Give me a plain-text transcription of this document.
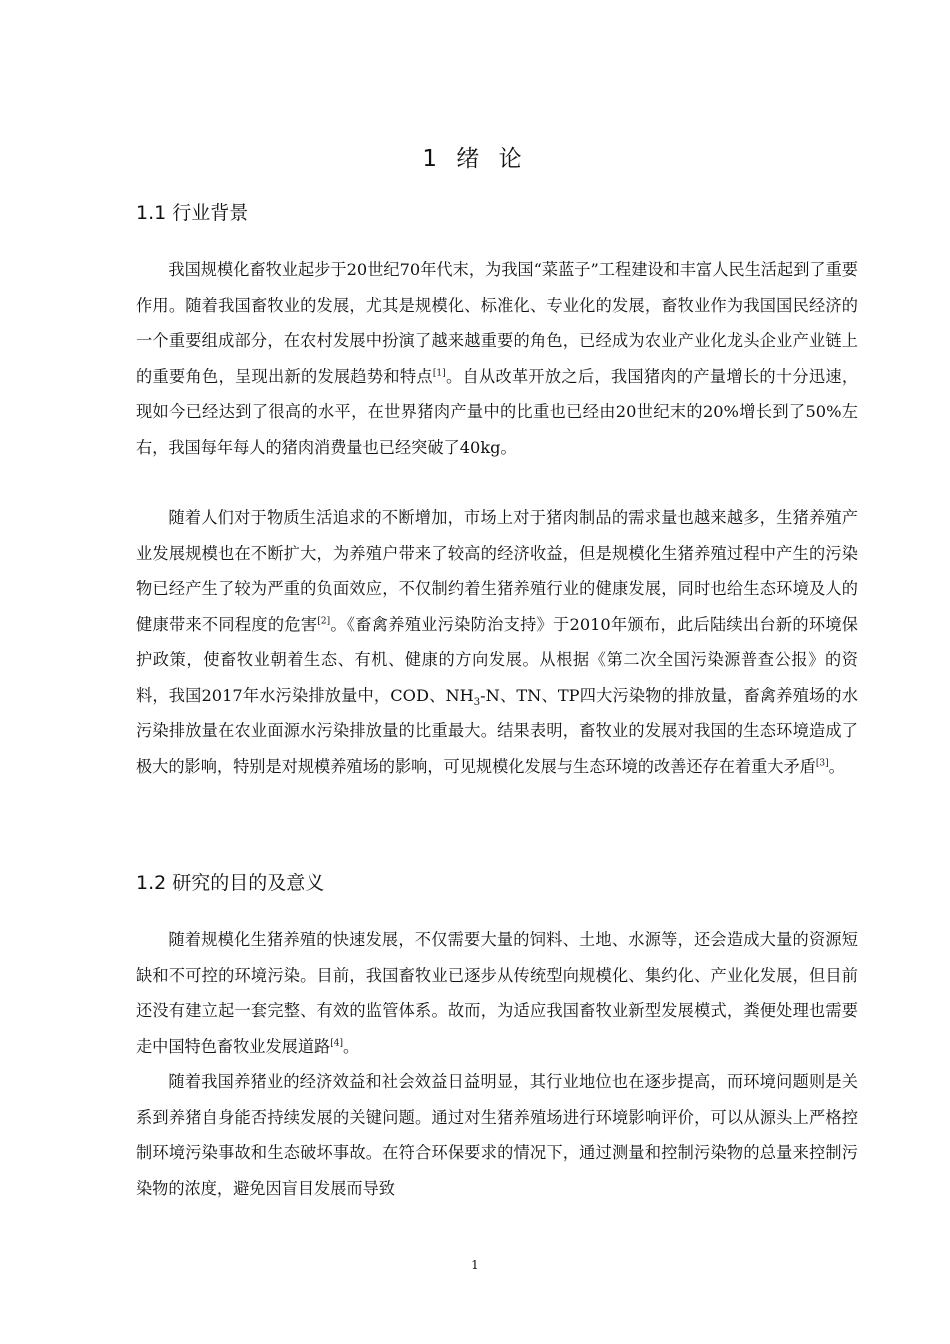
1 绪 论
1.1 行业背景

我国规模化畜牧业起步于20世纪70年代末，为我国“菜蓝子”工程建设和丰富人民生活起到了重要作用。随着我国畜牧业的发展，尤其是规模化、标准化、专业化的发展，畜牧业作为我国国民经济的一个重要组成部分，在农村发展中扮演了越来越重要的角色，已经成为农业产业化龙头企业产业链上的重要角色，呈现出新的发展趋势和特点[1]。自从改革开放之后，我国猪肉的产量增长的十分迅速，现如今已经达到了很高的水平，在世界猪肉产量中的比重也已经由20世纪末的20%增长到了50%左右，我国每年每人的猪肉消费量也已经突破了40kg。

随着人们对于物质生活追求的不断增加，市场上对于猪肉制品的需求量也越来越多，生猪养殖产业发展规模也在不断扩大，为养殖户带来了较高的经济收益，但是规模化生猪养殖过程中产生的污染物已经产生了较为严重的负面效应，不仅制约着生猪养殖行业的健康发展，同时也给生态环境及人的健康带来不同程度的危害[2]。《畜禽养殖业污染防治支持》于2010年颁布，此后陆续出台新的环境保护政策，使畜牧业朝着生态、有机、健康的方向发展。从根据《第二次全国污染源普查公报》的资料，我国2017年水污染排放量中，COD、$NH_3-N$、TN、TP四大污染物的排放量，畜禽养殖场的水污染排放量在农业面源水污染排放量的比重最大。结果表明，畜牧业的发展对我国的生态环境造成了极大的影响，特别是对规模养殖场的影响，可见规模化发展与生态环境的改善还存在着重大矛盾[3]。

1.2 研究的目的及意义

随着规模化生猪养殖的快速发展，不仅需要大量的饲料、土地、水源等，还会造成大量的资源短缺和不可控的环境污染。目前，我国畜牧业已逐步从传统型向规模化、集约化、产业化发展，但目前还没有建立起一套完整、有效的监管体系。故而，为适应我国畜牧业新型发展模式，粪便处理也需要走中国特色畜牧业发展道路[4]。

随着我国养猪业的经济效益和社会效益日益明显，其行业地位也在逐步提高，而环境问题则是关系到养猪自身能否持续发展的关键问题。通过对生猪养殖场进行环境影响评价，可以从源头上严格控制环境污染事故和生态破坏事故。在符合环保要求的情况下，通过测量和控制污染物的总量来控制污染物的浓度，避免因盲目发展而导致

1
